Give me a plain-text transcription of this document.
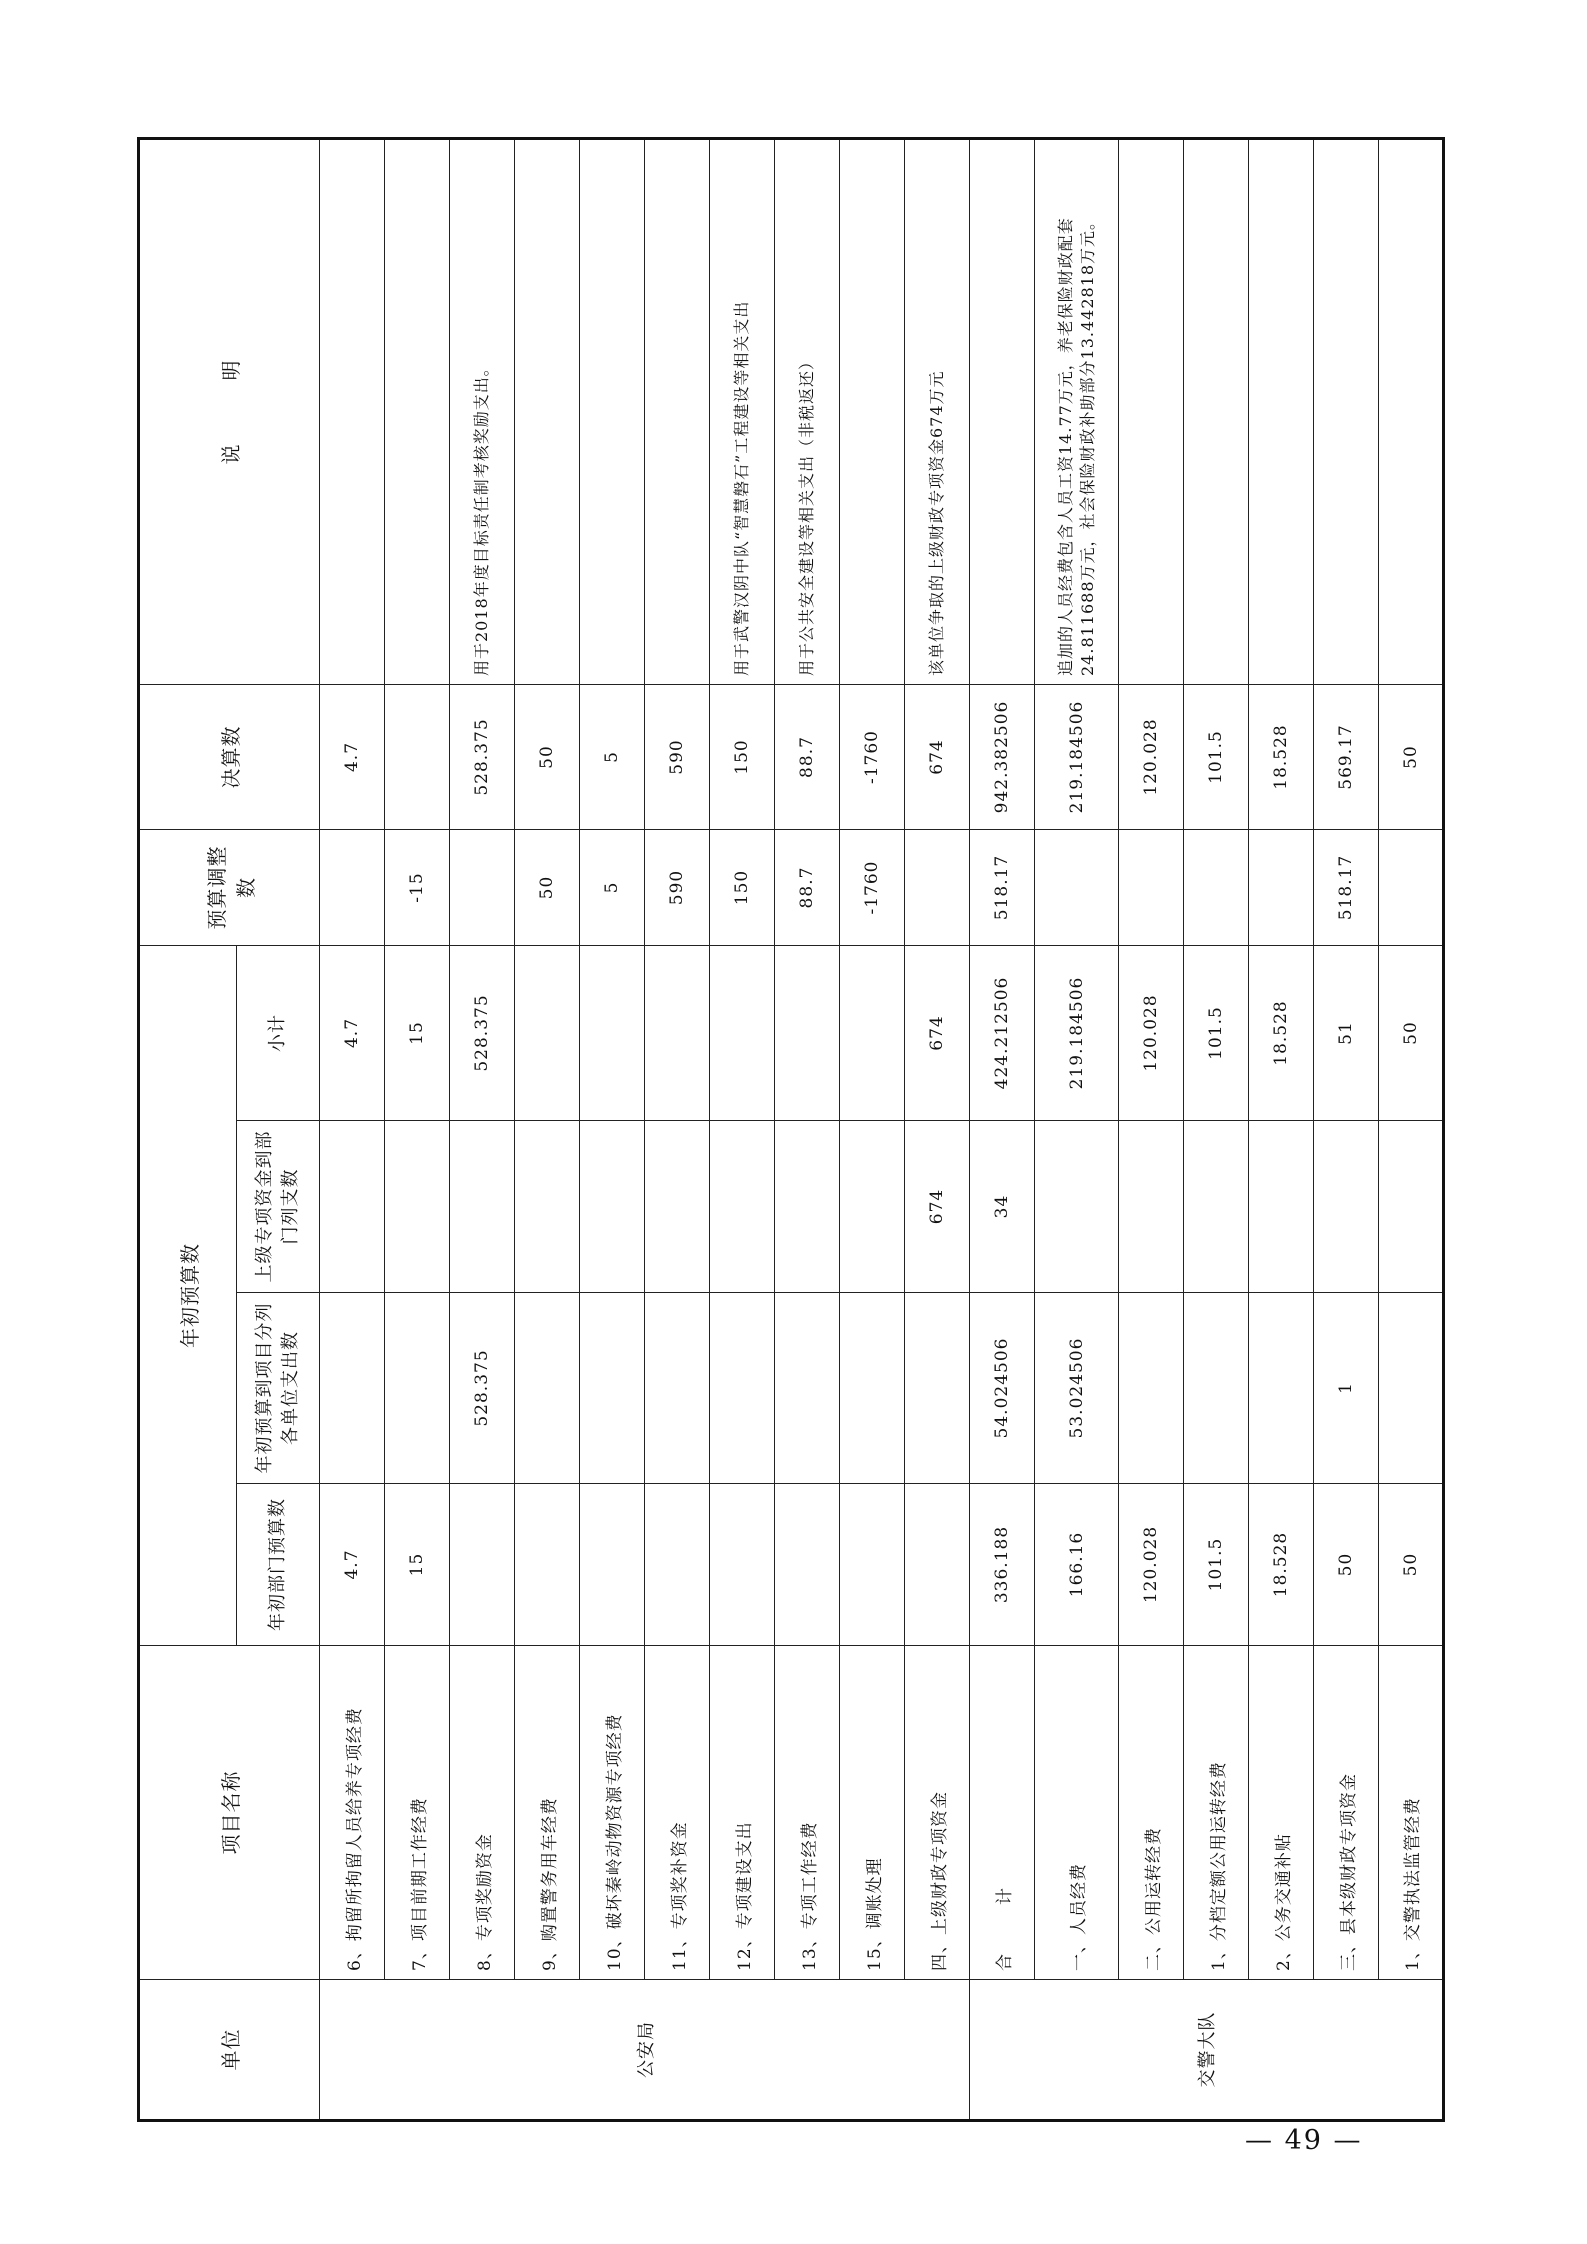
单位	项目名称	年初预算数				预算调整数	决算数	说　　　明
		年初部门预算数	年初预算到项目分列各单位支出数	上级专项资金到部门列支数	小计			
公安局	6、拘留所拘留人员给养专项经费	4.7			4.7		4.7	
	7、项目前期工作经费	15			15	-15		
	8、专项奖励资金		528.375		528.375		528.375	用于2018年度目标责任制考核奖励支出。
	9、购置警务用车经费					50	50	
	10、破坏秦岭动物资源专项经费					5	5	
	11、专项奖补资金					590	590	
	12、专项建设支出					150	150	用于武警汉阴中队“智慧磐石”工程建设等相关支出
	13、专项工作经费					88.7	88.7	用于公共安全建设等相关支出（非税返还）
	15、调账处理					-1760	-1760	
	四、上级财政专项资金			674	674		674	该单位争取的上级财政专项资金674万元
交警大队	合　计	336.188	54.024506	34	424.212506	518.17	942.382506	
	一、人员经费	166.16	53.024506		219.184506		219.184506	追加的人员经费包含人员工资14.77万元，养老保险财政配套24.811688万元，社会保险财政补助部分13.442818万元。
	二、公用运转经费	120.028			120.028		120.028	
	1、分档定额公用运转经费	101.5			101.5		101.5	
	2、公务交通补贴	18.528			18.528		18.528	
	三、县本级财政专项资金	50	1		51	518.17	569.17	
	1、交警执法监管经费	50			50		50	
— 49 —
